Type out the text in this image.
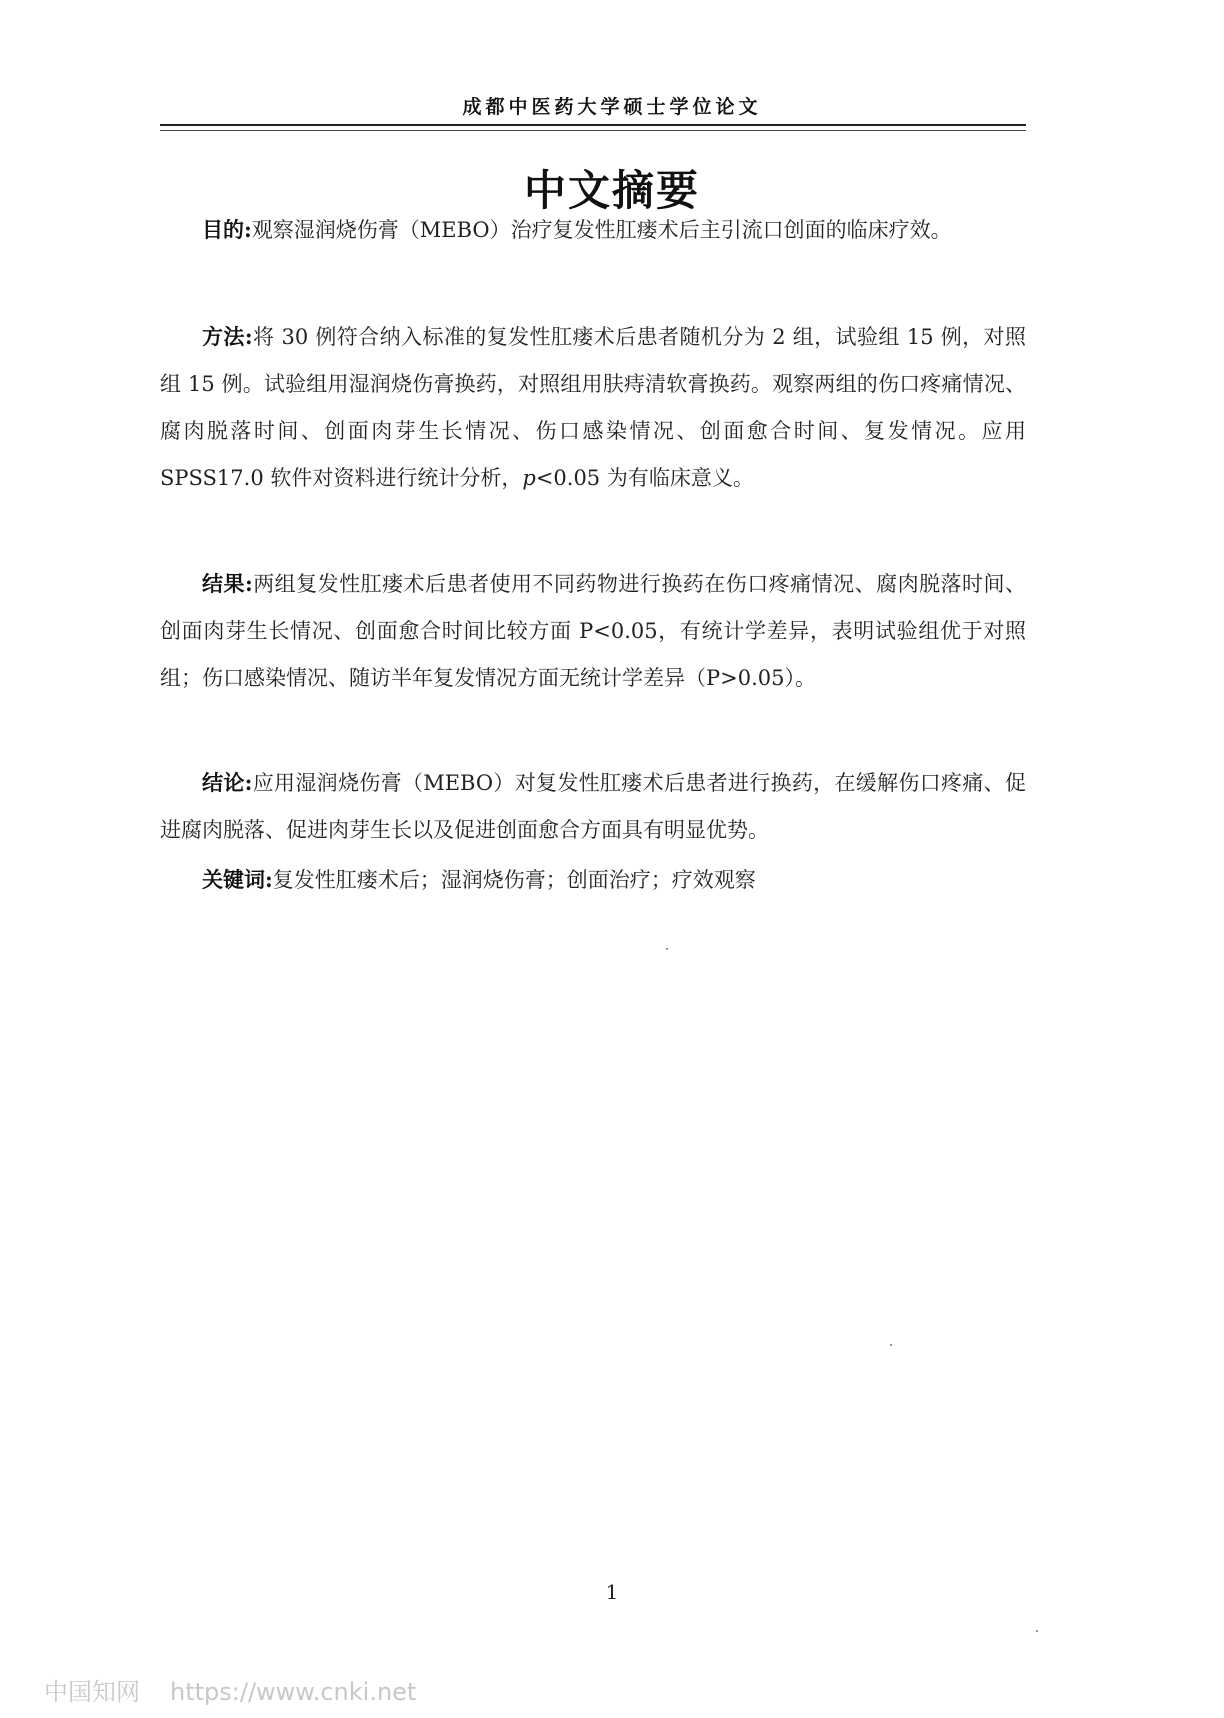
成都中医药大学硕士学位论文
中文摘要
目的:观察湿润烧伤膏（MEBO）治疗复发性肛瘘术后主引流口创面的临床疗效。
方法:将 30 例符合纳入标准的复发性肛瘘术后患者随机分为 2 组，试验组 15 例，对照组 15 例。试验组用湿润烧伤膏换药，对照组用肤痔清软膏换药。观察两组的伤口疼痛情况、腐肉脱落时间、创面肉芽生长情况、伤口感染情况、创面愈合时间、复发情况。应用 SPSS17.0 软件对资料进行统计分析，p<0.05 为有临床意义。
结果:两组复发性肛瘘术后患者使用不同药物进行换药在伤口疼痛情况、腐肉脱落时间、创面肉芽生长情况、创面愈合时间比较方面 P<0.05，有统计学差异，表明试验组优于对照组；伤口感染情况、随访半年复发情况方面无统计学差异（P>0.05）。
结论:应用湿润烧伤膏（MEBO）对复发性肛瘘术后患者进行换药，在缓解伤口疼痛、促进腐肉脱落、促进肉芽生长以及促进创面愈合方面具有明显优势。
关键词:复发性肛瘘术后；湿润烧伤膏；创面治疗；疗效观察
1
中国知网 https://www.cnki.net
